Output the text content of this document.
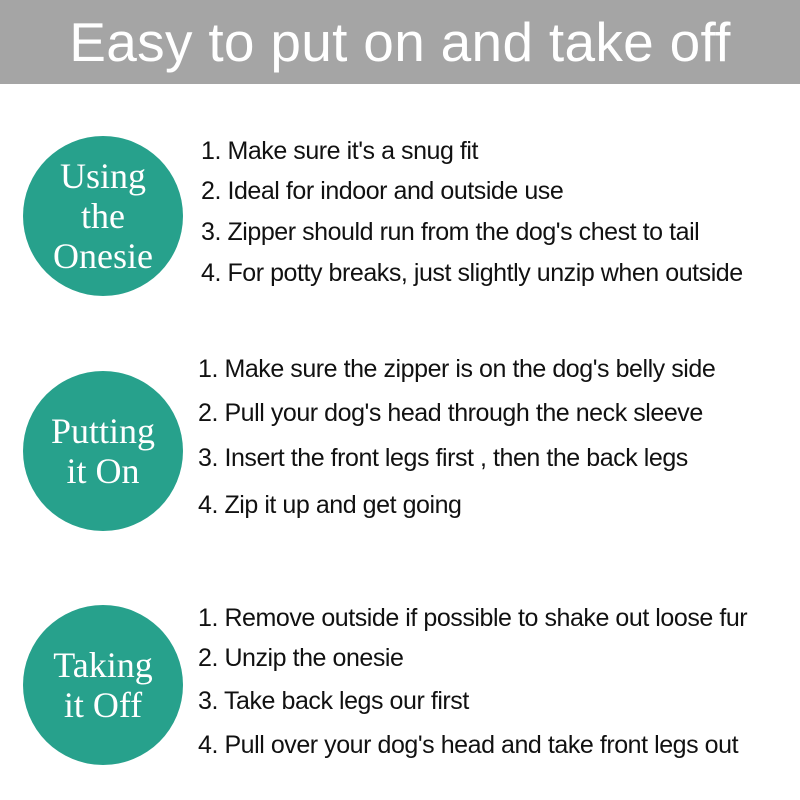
Easy to put on and take off
Using
the
Onesie

1. Make sure it's a snug fit

2. Ideal for indoor and outside use

3. Zipper should run from the dog's chest to tail

4. For potty breaks, just slightly unzip when outside

Putting
it On

1. Make sure the zipper is on the dog's belly side

2. Pull your dog's head through the neck sleeve

3. Insert the front legs first , then the back legs

4. Zip it up and get going

Taking
it Off

1. Remove outside if possible to shake out loose fur

2. Unzip the onesie

3. Take back legs our first

4. Pull over your dog's head and take front legs out
